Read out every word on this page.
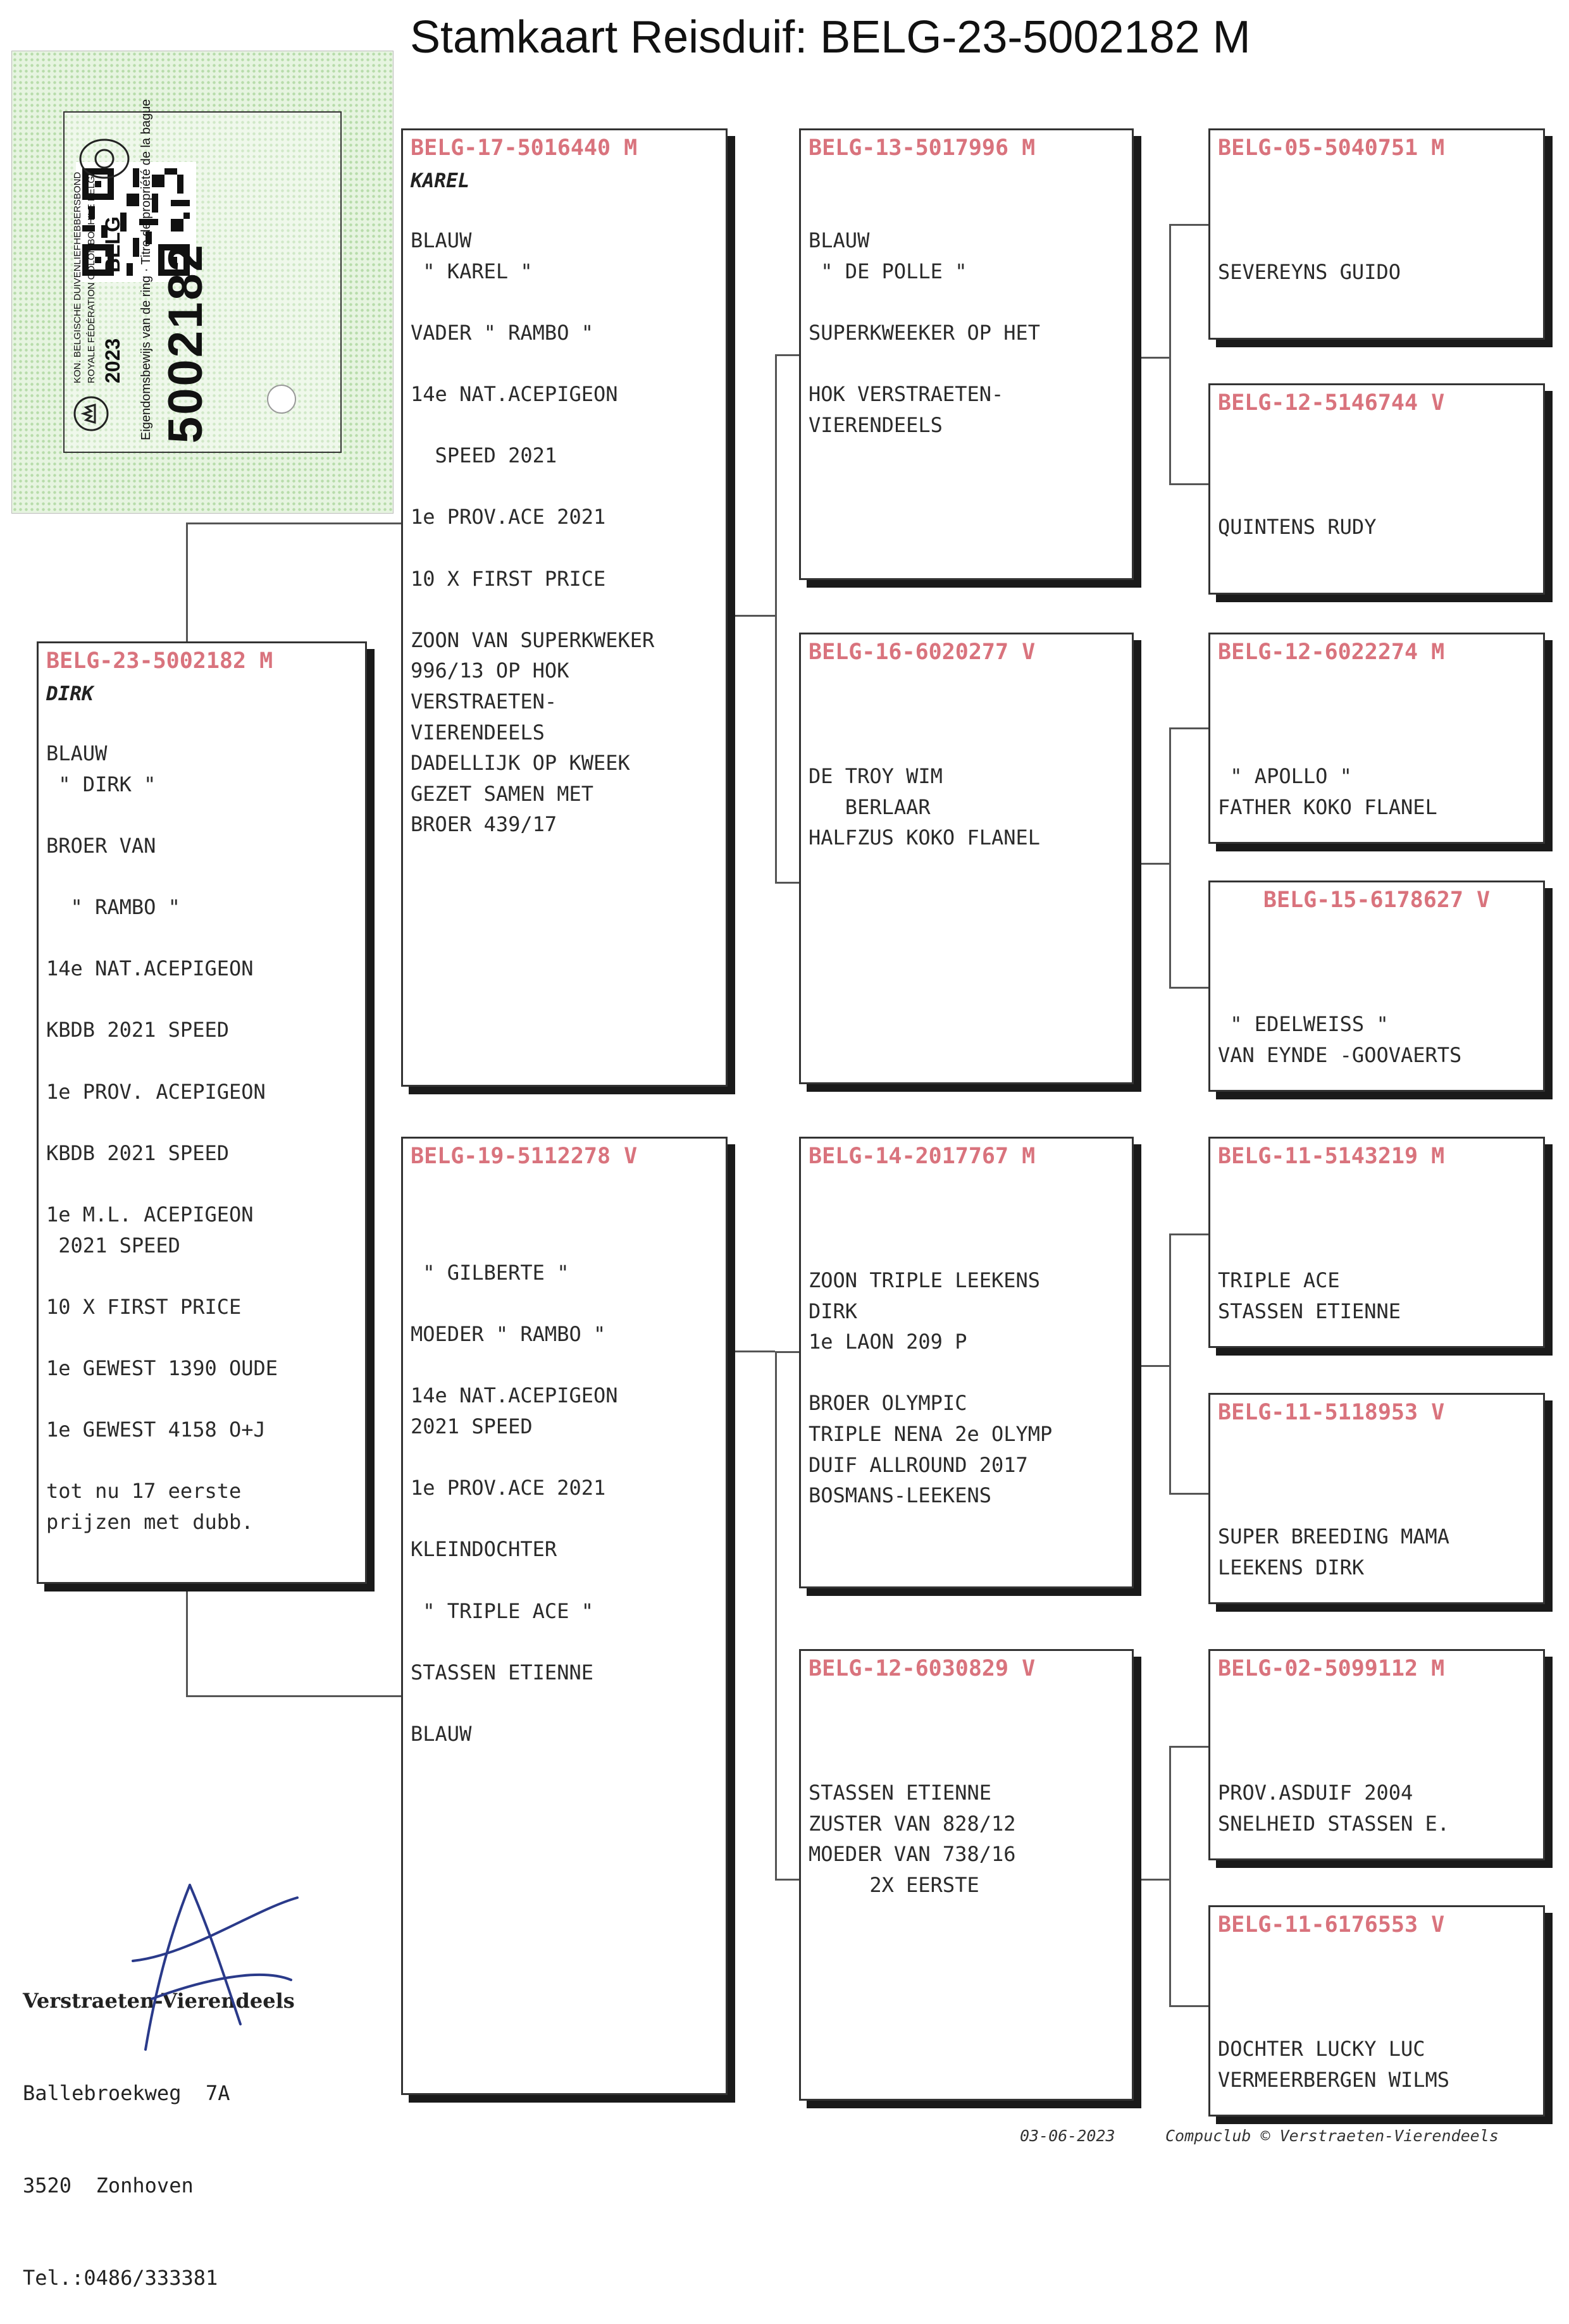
Stamkaart Reisduif: BELG-23-5002182 M
KON. BELGISCHE DUIVENLIEFHEBBERSBOND ROYALE FÉDÉRATION COLOMBOPHILE BELGE 2023
BELG Eigendomsbewijs van de ring · Titre de propriété de la bague 5002182
BELG-23-5002182 M
DIRK
BLAUW
" DIRK "

BROER VAN

" RAMBO "

14e NAT.ACEPIGEON

KBDB 2021 SPEED

1e PROV. ACEPIGEON

KBDB 2021 SPEED

1e M.L. ACEPIGEON
2021 SPEED

10 X FIRST PRICE

1e GEWEST 1390 OUDE

1e GEWEST 4158 O+J

tot nu 17 eerste
prijzen met dubb.
BELG-17-5016440 M
KAREL
BLAUW
" KAREL "

VADER " RAMBO "

14e NAT.ACEPIGEON

SPEED 2021

1e PROV.ACE 2021

10 X FIRST PRICE

ZOON VAN SUPERKWEKER
996/13 OP HOK
VERSTRAETEN-
VIERENDEELS
DADELLIJK OP KWEEK
GEZET SAMEN MET
BROER 439/17
BELG-19-5112278 V
" GILBERTE "

MOEDER " RAMBO "

14e NAT.ACEPIGEON
2021 SPEED

1e PROV.ACE 2021

KLEINDOCHTER

" TRIPLE ACE "

STASSEN ETIENNE

BLAUW
BELG-13-5017996 M
BLAUW
" DE POLLE "

SUPERKWEEKER OP HET

HOK VERSTRAETEN-
VIERENDEELS
BELG-16-6020277 V
DE TROY WIM
BERLAAR
HALFZUS KOKO FLANEL
BELG-14-2017767 M
ZOON TRIPLE LEEKENS
DIRK
1e LAON 209 P

BROER OLYMPIC
TRIPLE NENA 2e OLYMP
DUIF ALLROUND 2017
BOSMANS-LEEKENS
BELG-12-6030829 V
STASSEN ETIENNE
ZUSTER VAN 828/12
MOEDER VAN 738/16
2X EERSTE
BELG-05-5040751 M
SEVEREYNS GUIDO
BELG-12-5146744 V
QUINTENS RUDY
BELG-12-6022274 M
" APOLLO "
FATHER KOKO FLANEL
BELG-15-6178627 V
" EDELWEISS "
VAN EYNDE -GOOVAERTS
BELG-11-5143219 M
TRIPLE ACE
STASSEN ETIENNE
BELG-11-5118953 V
SUPER BREEDING MAMA
LEEKENS DIRK
BELG-02-5099112 M
PROV.ASDUIF 2004
SNELHEID STASSEN E.
BELG-11-6176553 V
DOCHTER LUCKY LUC
VERMEERBERGEN WILMS

Verstraeten-Vierendeels

Ballebroekweg  7A

3520  Zonhoven

Tel.:0486/333381

03-06-2023	Compuclub © Verstraeten-Vierendeels
